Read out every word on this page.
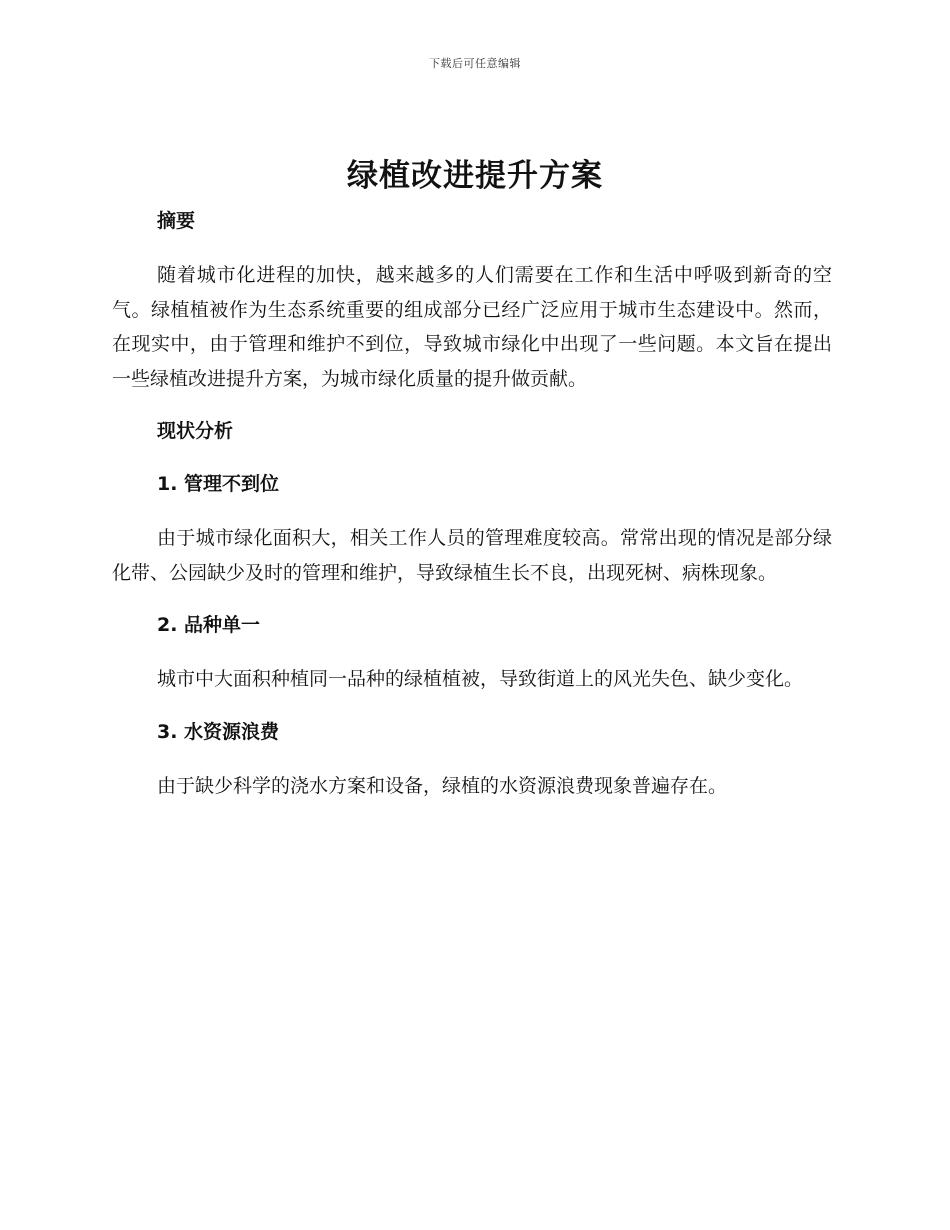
下载后可任意编辑
绿植改进提升方案
摘要

随着城市化进程的加快，越来越多的人们需要在工作和生活中呼吸到新奇的空气。绿植植被作为生态系统重要的组成部分已经广泛应用于城市生态建设中。然而，在现实中，由于管理和维护不到位，导致城市绿化中出现了一些问题。本文旨在提出一些绿植改进提升方案，为城市绿化质量的提升做贡献。

现状分析
1. 管理不到位

由于城市绿化面积大，相关工作人员的管理难度较高。常常出现的情况是部分绿化带、公园缺少及时的管理和维护，导致绿植生长不良，出现死树、病株现象。

2. 品种单一

城市中大面积种植同一品种的绿植植被，导致街道上的风光失色、缺少变化。

3. 水资源浪费

由于缺少科学的浇水方案和设备，绿植的水资源浪费现象普遍存在。
